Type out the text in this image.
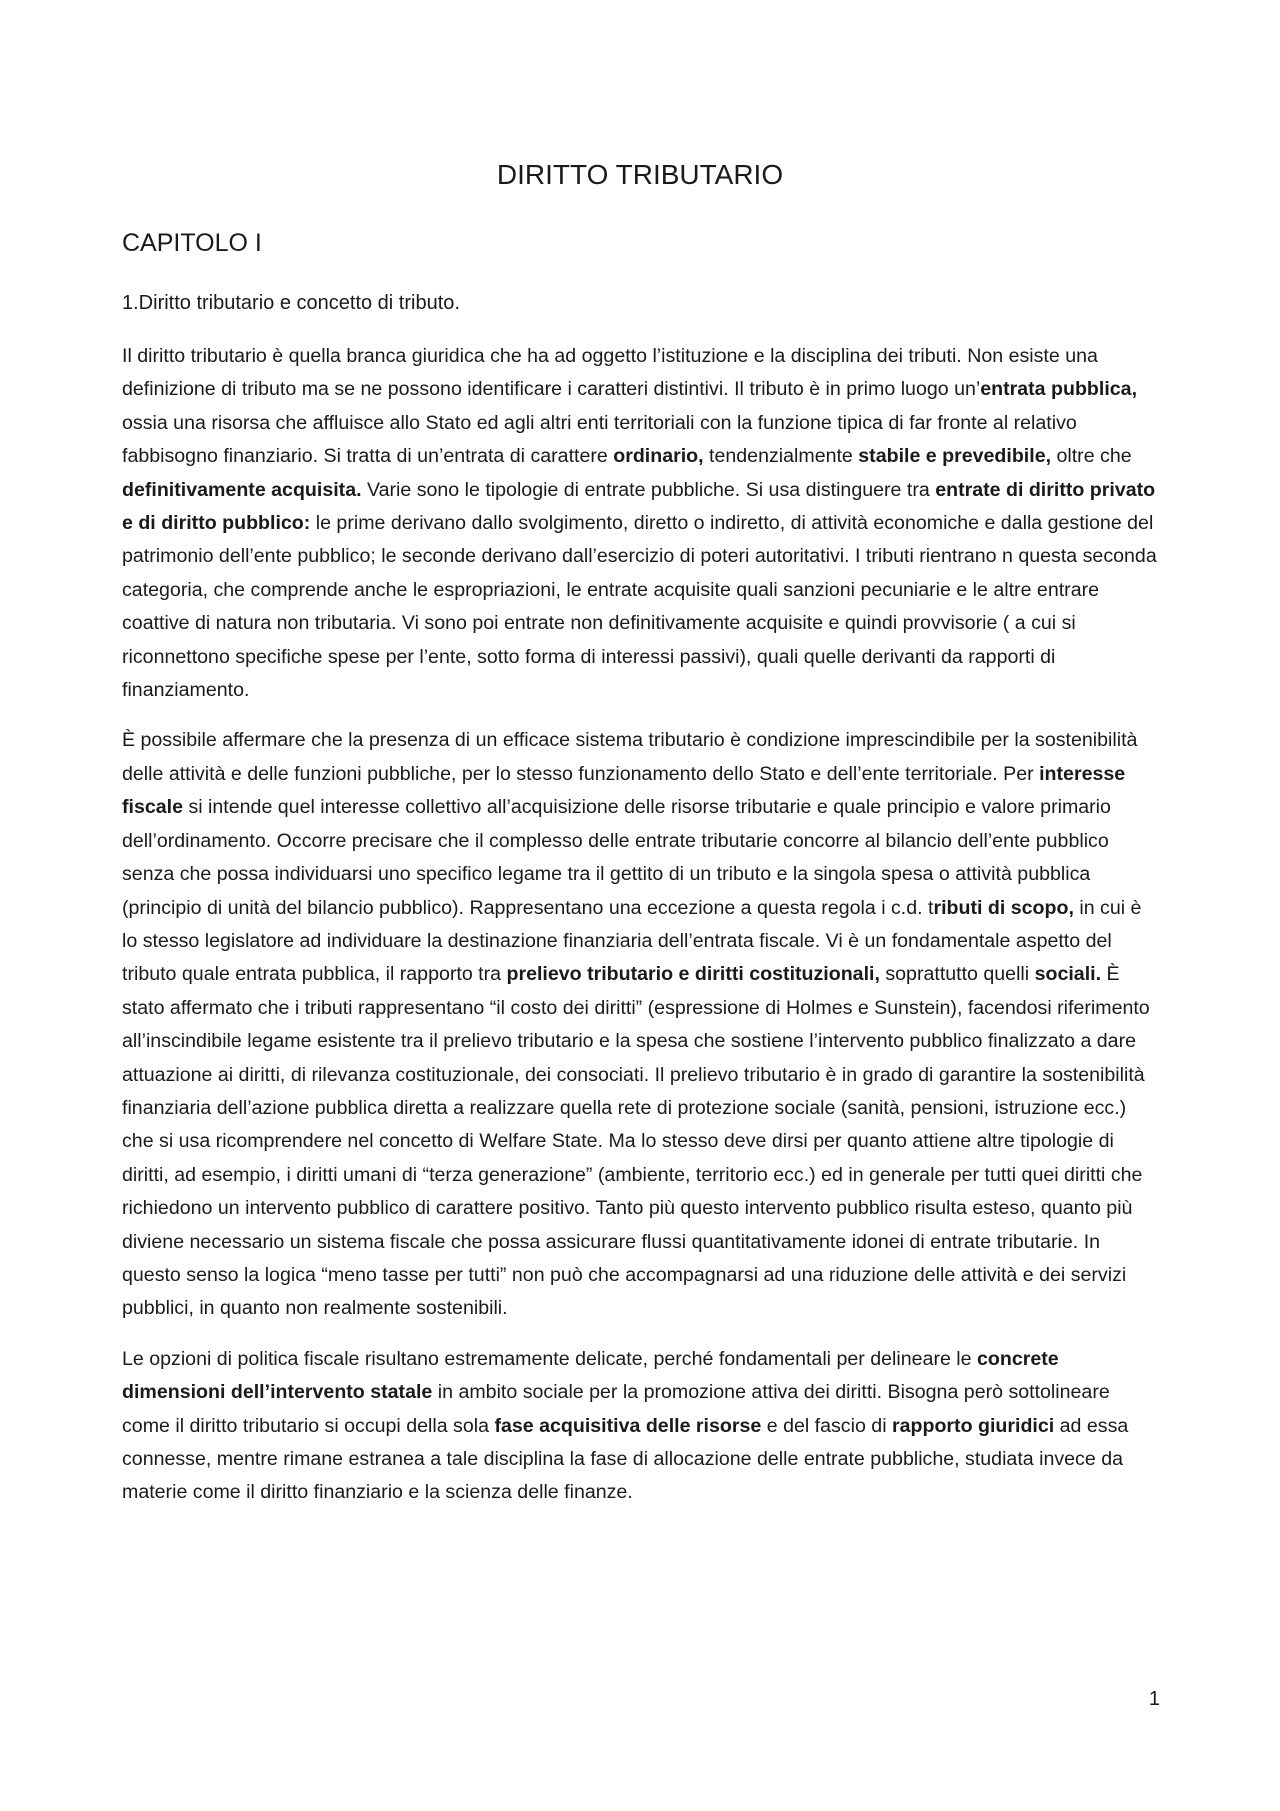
DIRITTO TRIBUTARIO
CAPITOLO I
1.Diritto tributario e concetto di tributo.

Il diritto tributario è quella branca giuridica che ha ad oggetto l’istituzione e la disciplina dei tributi. Non esiste una definizione di tributo ma se ne possono identificare i caratteri distintivi. Il tributo è in primo luogo un’entrata pubblica, ossia una risorsa che affluisce allo Stato ed agli altri enti territoriali con la funzione tipica di far fronte al relativo fabbisogno finanziario. Si tratta di un’entrata di carattere ordinario, tendenzialmente stabile e prevedibile, oltre che definitivamente acquisita. Varie sono le tipologie di entrate pubbliche. Si usa distinguere tra entrate di diritto privato e di diritto pubblico: le prime derivano dallo svolgimento, diretto o indiretto, di attività economiche e dalla gestione del patrimonio dell’ente pubblico; le seconde derivano dall’esercizio di poteri autoritativi. I tributi rientrano n questa seconda categoria, che comprende anche le espropriazioni, le entrate acquisite quali sanzioni pecuniarie e le altre entrare coattive di natura non tributaria. Vi sono poi entrate non definitivamente acquisite e quindi provvisorie ( a cui si riconnettono specifiche spese per l’ente, sotto forma di interessi passivi), quali quelle derivanti da rapporti di finanziamento.

È possibile affermare che la presenza di un efficace sistema tributario è condizione imprescindibile per la sostenibilità delle attività e delle funzioni pubbliche, per lo stesso funzionamento dello Stato e dell’ente territoriale. Per interesse fiscale si intende quel interesse collettivo all’acquisizione delle risorse tributarie e quale principio e valore primario dell’ordinamento. Occorre precisare che il complesso delle entrate tributarie concorre al bilancio dell’ente pubblico senza che possa individuarsi uno specifico legame tra il gettito di un tributo e la singola spesa o attività pubblica (principio di unità del bilancio pubblico). Rappresentano una eccezione a questa regola i c.d. tributi di scopo, in cui è lo stesso legislatore ad individuare la destinazione finanziaria dell’entrata fiscale. Vi è un fondamentale aspetto del tributo quale entrata pubblica, il rapporto tra prelievo tributario e diritti costituzionali, soprattutto quelli sociali. È stato affermato che i tributi rappresentano “il costo dei diritti” (espressione di Holmes e Sunstein), facendosi riferimento all’inscindibile legame esistente tra il prelievo tributario e la spesa che sostiene l’intervento pubblico finalizzato a dare attuazione ai diritti, di rilevanza costituzionale, dei consociati. Il prelievo tributario è in grado di garantire la sostenibilità finanziaria dell’azione pubblica diretta a realizzare quella rete di protezione sociale (sanità, pensioni, istruzione ecc.) che si usa ricomprendere nel concetto di Welfare State. Ma lo stesso deve dirsi per quanto attiene altre tipologie di diritti, ad esempio, i diritti umani di “terza generazione” (ambiente, territorio ecc.) ed in generale per tutti quei diritti che richiedono un intervento pubblico di carattere positivo. Tanto più questo intervento pubblico risulta esteso, quanto più diviene necessario un sistema fiscale che possa assicurare flussi quantitativamente idonei di entrate tributarie. In questo senso la logica “meno tasse per tutti” non può che accompagnarsi ad una riduzione delle attività e dei servizi pubblici, in quanto non realmente sostenibili.

Le opzioni di politica fiscale risultano estremamente delicate, perché fondamentali per delineare le concrete dimensioni dell’intervento statale in ambito sociale per la promozione attiva dei diritti. Bisogna però sottolineare come il diritto tributario si occupi della sola fase acquisitiva delle risorse e del fascio di rapporto giuridici ad essa connesse, mentre rimane estranea a tale disciplina la fase di allocazione delle entrate pubbliche, studiata invece da materie come il diritto finanziario e la scienza delle finanze.

1
